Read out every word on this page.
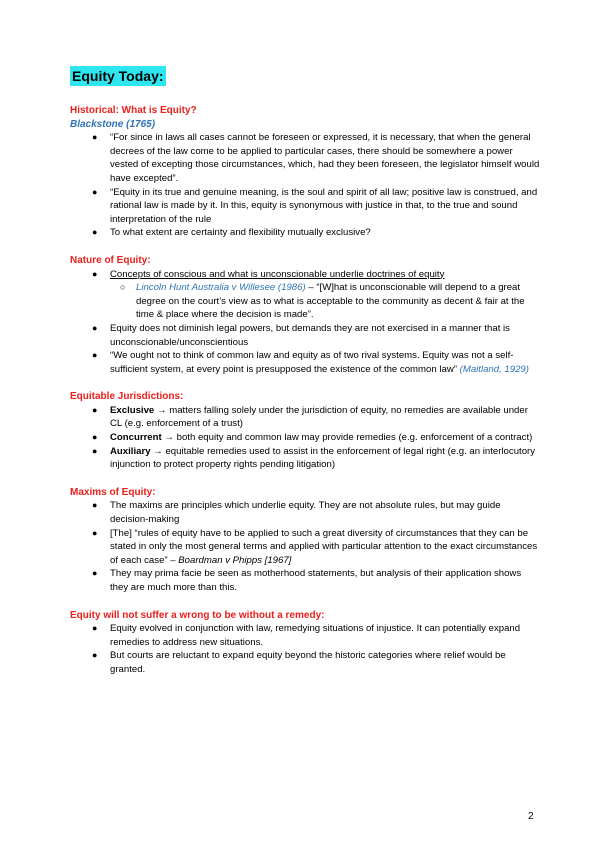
Equity Today:
Historical: What is Equity?
Blackstone (1765)
● “For since in laws all cases cannot be foreseen or expressed, it is necessary, that when the general decrees of the law come to be applied to particular cases, there should be somewhere a power vested of excepting those circumstances, which, had they been foreseen, the legislator himself would have excepted”.
● “Equity in its true and genuine meaning, is the soul and spirit of all law; positive law is construed, and rational law is made by it. In this, equity is synonymous with justice in that, to the true and sound interpretation of the rule
● To what extent are certainty and flexibility mutually exclusive?
Nature of Equity:
● Concepts of conscious and what is unconscionable underlie doctrines of equity
○ Lincoln Hunt Australia v Willesee (1986) – “[W]hat is unconscionable will depend to a great degree on the court’s view as to what is acceptable to the community as decent & fair at the time & place where the decision is made”.
● Equity does not diminish legal powers, but demands they are not exercised in a manner that is unconscionable/unconscientious
● “We ought not to think of common law and equity as of two rival systems. Equity was not a self-sufficient system, at every point is presupposed the existence of the common law” (Maitland, 1929)
Equitable Jurisdictions:
● Exclusive → matters falling solely under the jurisdiction of equity, no remedies are available under CL (e.g. enforcement of a trust)
● Concurrent → both equity and common law may provide remedies (e.g. enforcement of a contract)
● Auxiliary → equitable remedies used to assist in the enforcement of legal right (e.g. an interlocutory injunction to protect property rights pending litigation)
Maxims of Equity:
● The maxims are principles which underlie equity. They are not absolute rules, but may guide decision-making
● [The] “rules of equity have to be applied to such a great diversity of circumstances that they can be stated in only the most general terms and applied with particular attention to the exact circumstances of each case” – Boardman v Phipps [1967]
● They may prima facie be seen as motherhood statements, but analysis of their application shows they are much more than this.
Equity will not suffer a wrong to be without a remedy:
● Equity evolved in conjunction with law, remedying situations of injustice. It can potentially expand remedies to address new situations.
● But courts are reluctant to expand equity beyond the historic categories where relief would be granted.
2
